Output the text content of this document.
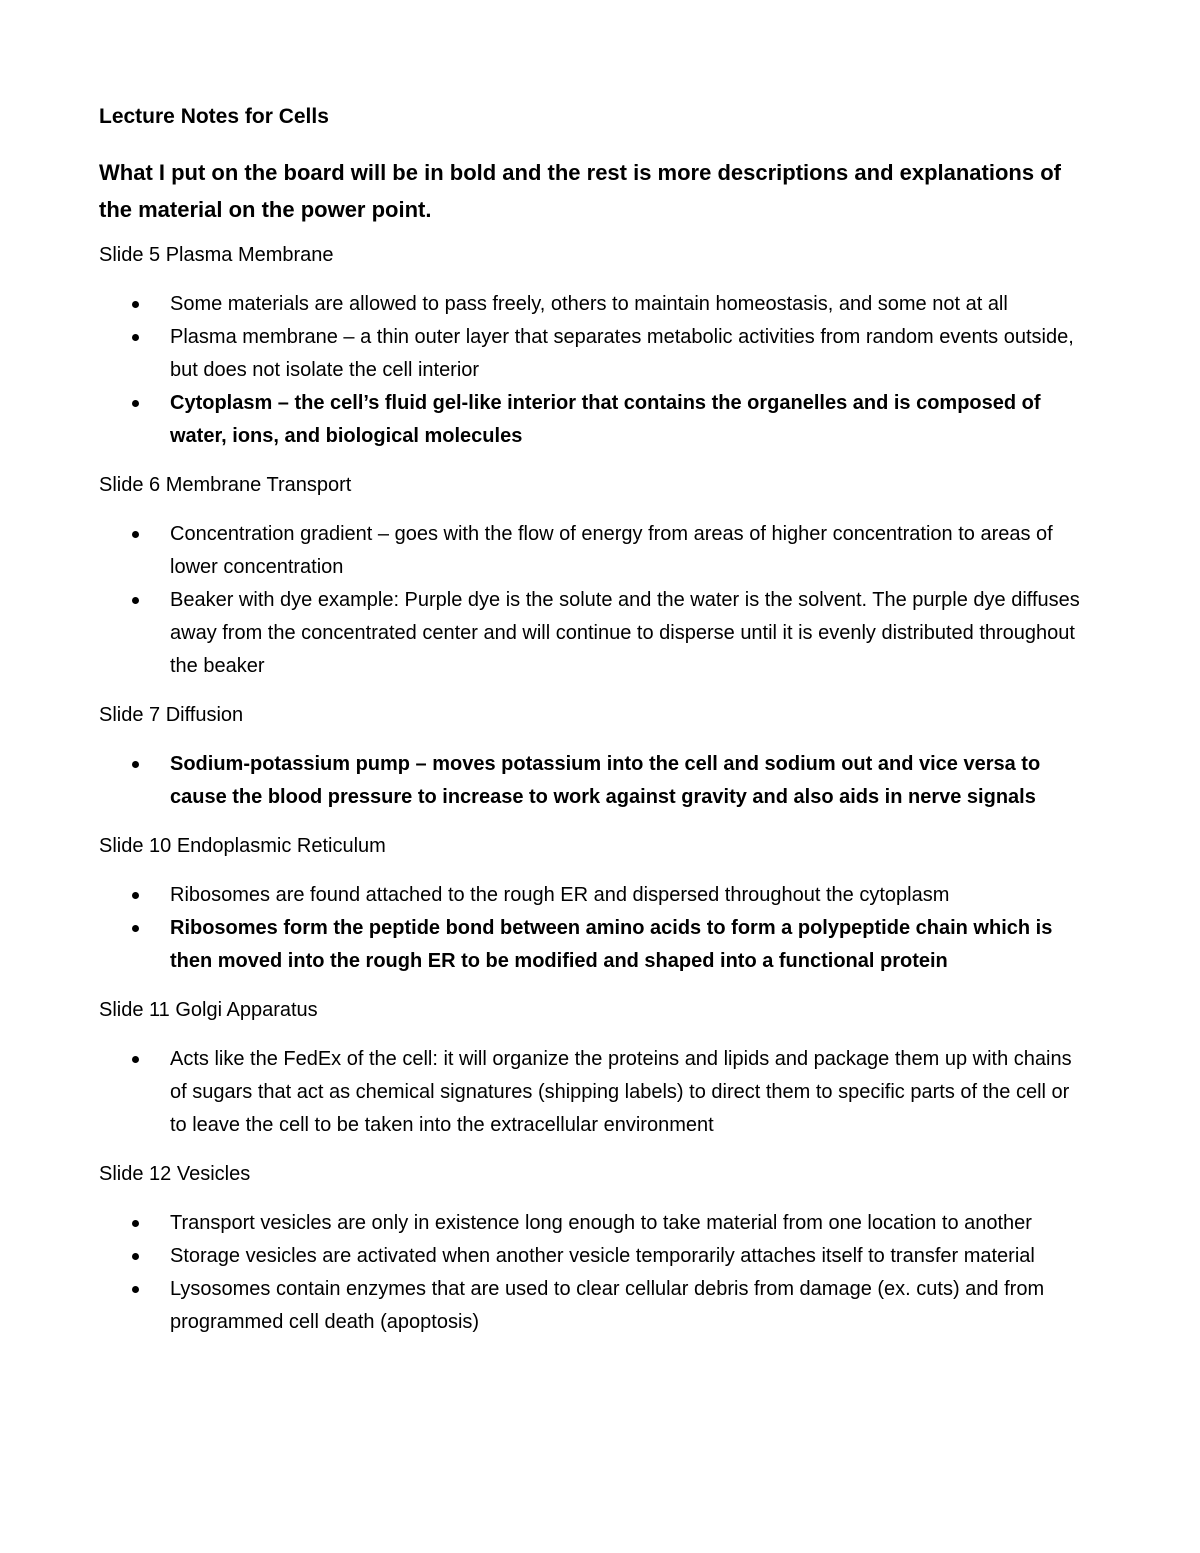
Lecture Notes for Cells
What I put on the board will be in bold and the rest is more descriptions and explanations of the material on the power point.
Slide 5 Plasma Membrane
Some materials are allowed to pass freely, others to maintain homeostasis, and some not at all
Plasma membrane – a thin outer layer that separates metabolic activities from random events outside, but does not isolate the cell interior
Cytoplasm – the cell’s fluid gel-like interior that contains the organelles and is composed of water, ions, and biological molecules
Slide 6 Membrane Transport
Concentration gradient – goes with the flow of energy from areas of higher concentration to areas of lower concentration
Beaker with dye example: Purple dye is the solute and the water is the solvent. The purple dye diffuses away from the concentrated center and will continue to disperse until it is evenly distributed throughout the beaker
Slide 7 Diffusion
Sodium-potassium pump – moves potassium into the cell and sodium out and vice versa to cause the blood pressure to increase to work against gravity and also aids in nerve signals
Slide 10 Endoplasmic Reticulum
Ribosomes are found attached to the rough ER and dispersed throughout the cytoplasm
Ribosomes form the peptide bond between amino acids to form a polypeptide chain which is then moved into the rough ER to be modified and shaped into a functional protein
Slide 11 Golgi Apparatus
Acts like the FedEx of the cell: it will organize the proteins and lipids and package them up with chains of sugars that act as chemical signatures (shipping labels) to direct them to specific parts of the cell or to leave the cell to be taken into the extracellular environment
Slide 12 Vesicles
Transport vesicles are only in existence long enough to take material from one location to another
Storage vesicles are activated when another vesicle temporarily attaches itself to transfer material
Lysosomes contain enzymes that are used to clear cellular debris from damage (ex. cuts) and from programmed cell death (apoptosis)
